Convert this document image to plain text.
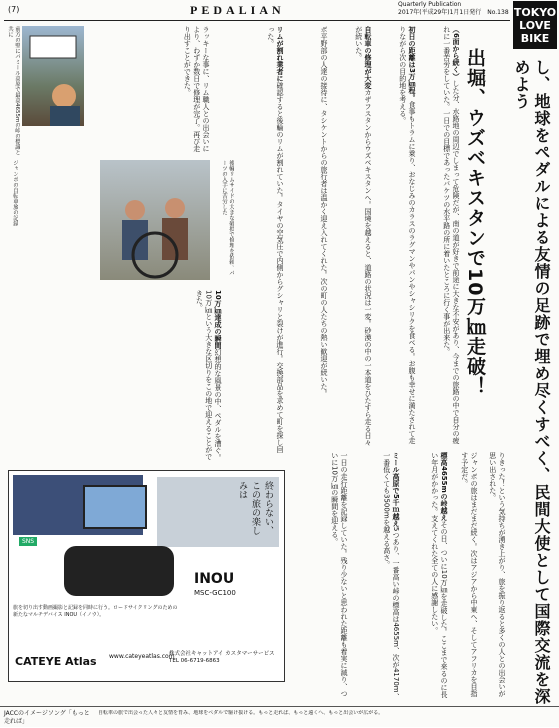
(7)	PEDALIAN	Quarterly Publication
2017年(平成29年)1月1日発行　No.138 TOKYO
LOVE
BIKE
し、地球をペダルによる友情の足跡で埋め尽くすべく、民間大使として国際交流を深めよう
出堀、ウズベキスタンで10万㎞走破！
（6面から続く）した分、水路地の周辺でしまって危険だが、南の道が好きで前途に大きな不安があり、今までの旅路の中で自分の疲れに一番苦労をしていた。一日での目標であったバケツの水平路の所に着いたところに行く事が出来た。
初日の距離は3万㎞程。食事もトラムに乗り、おなじみのカラスのラグマンやパンやシャシリクを食べる。お腹も幸せに満たされて走りながら次の目的地を考える。
自転車の修理が大変カザフスタンからウズベキスタンへ。国境を越えると、道路の状況は一変。砂漠の中の一本道をひたすら走る日々が続いた。
ボ平野部の人達の接待に、タシケントからの旅行者は温かく迎え入れてくれた。次の町の人たちの熱い歓迎が続いた。
前方の壁にパミール高原で最高4655mの峠の標識と共に
後輪リムサイドの大きな破損で修理を依頼。パーツの入手に苦労した
リムが割れ業者に確認すると後輪のリムが割れていた。タイヤの空気圧で内側からグシャリと裂けが進行。交換部品を求めて町を探し回った。
ラッキーな事に、リム職人との出会いにより、わずか数日で修理が完了。再び走り出すことができた。
10万㎞達成の瞬間幻想的な風景の中、ペダルを漕ぐ。10万㎞という大きな区切りをこの地で迎えることができた。
ジャンボの自転車旅の記録
一日の走行距離を記録していた。残り少ないと思われた距離も着実に減り、ついに10万㎞の瞬間を迎える。	ミール高原で5千ｍ越え5つあり、一番高い峠の標高は4655m、次が4170m、一番低くても3500mを越える高さ。	標高4655mの峠越えその日、ついに10万㎞を走破した。ここまで来るのに長い年月がかかった。支えてくれた全ての人に感謝したい。	ジャンボの旅はまだまだ続く。次はアジアから中東へ、そしてアフリカを目指す予定だ。	りきった！という気持ちが湧き上がり、旅を振り返ると多くの人との出会いが思い出された。
SNS
終わらない、この旅の楽しみは
INOU
MSC-GC100
旅を切り出す動画撮影と記録を同時に行う。ロードサイクリングのための新たなマルチデバイス INOU（イノウ）。
CATEYE Atlas www.cateyeatlas.com
株式会社キャットアイ カスタマーサービス　TEL 06-6719-6863
JACCのイメージソング「もっと走れば」
自転車の旅で出会った人々と友情を育み、地球をペダルで駆け抜ける。もっと走れば、もっと遠くへ、もっと出会いが広がる。
